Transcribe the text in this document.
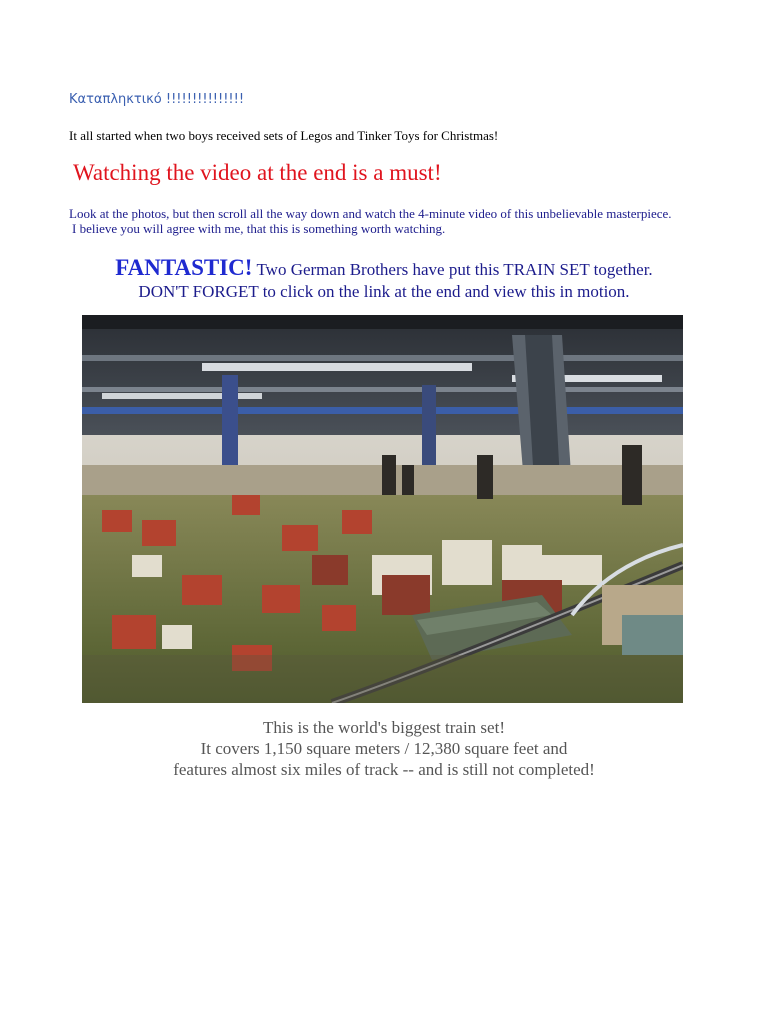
Καταπληκτικό !!!!!!!!!!!!!!!
It all started when two boys received sets of Legos and Tinker Toys for Christmas!
Watching the video at the end is a must!
Look at the photos, but then scroll all the way down and watch the 4-minute video of this unbelievable masterpiece.
I believe you will agree with me, that this is something worth watching.
FANTASTIC! Two German Brothers have put this TRAIN SET together.
DON'T FORGET to click on the link at the end and view this in motion.
This is the world's biggest train set!
It covers 1,150 square meters / 12,380 square feet and
features almost six miles of track -- and is still not completed!
